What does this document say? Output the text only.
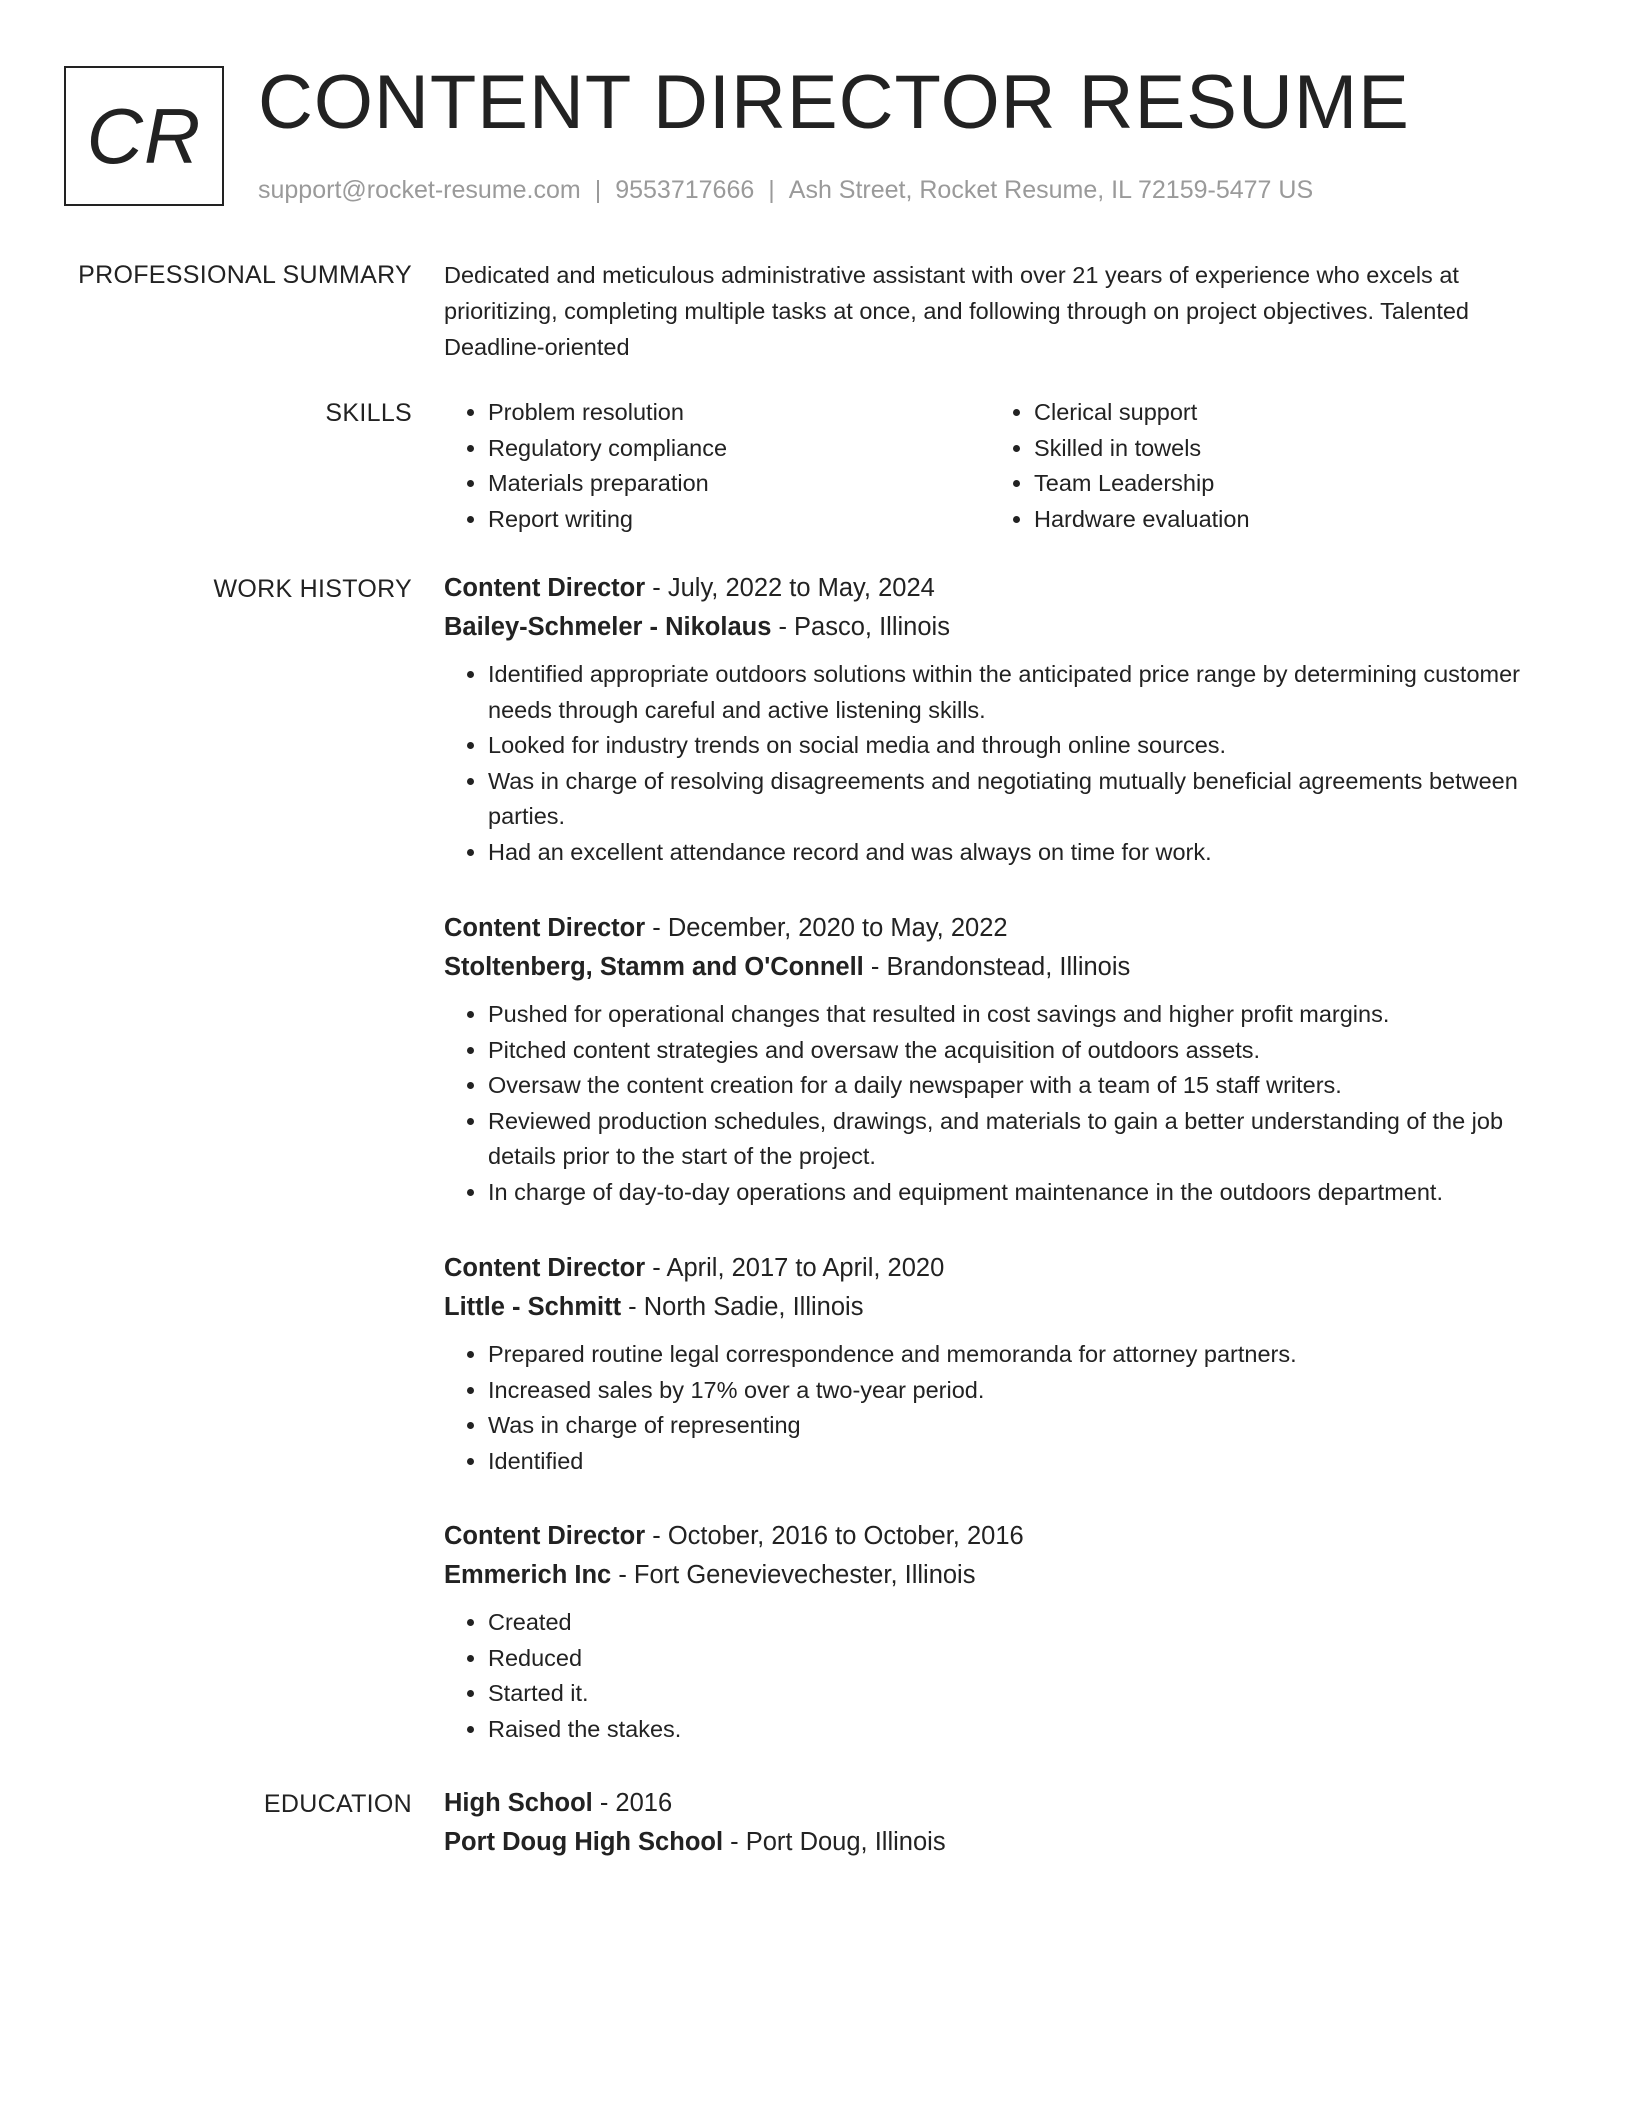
CR CONTENT DIRECTOR RESUME
support@rocket-resume.com | 9553717666 | Ash Street, Rocket Resume, IL 72159-5477 US
PROFESSIONAL SUMMARY Dedicated and meticulous administrative assistant with over 21 years of experience who excels at prioritizing, completing multiple tasks at once, and following through on project objectives. Talented Deadline-oriented

SKILLS
•	Problem resolution
• Regulatory compliance
• Materials preparation
• Report writing
• Clerical support
• Skilled in towels
• Team Leadership
• Hardware evaluation
WORK HISTORY Content Director - July, 2022 to May, 2024
Bailey-Schmeler - Nikolaus - Pasco, Illinois
• Identified appropriate outdoors solutions within the anticipated price range by determining customer needs through careful and active listening skills.
• Looked for industry trends on social media and through online sources.
• Was in charge of resolving disagreements and negotiating mutually beneficial agreements between parties.
• Had an excellent attendance record and was always on time for work.
Content Director - December, 2020 to May, 2022
Stoltenberg, Stamm and O'Connell - Brandonstead, Illinois
• Pushed for operational changes that resulted in cost savings and higher profit margins.
• Pitched content strategies and oversaw the acquisition of outdoors assets.
• Oversaw the content creation for a daily newspaper with a team of 15 staff writers.
• Reviewed production schedules, drawings, and materials to gain a better understanding of the job details prior to the start of the project.
• In charge of day-to-day operations and equipment maintenance in the outdoors department.
Content Director - April, 2017 to April, 2020
Little - Schmitt - North Sadie, Illinois
• Prepared routine legal correspondence and memoranda for attorney partners.
• Increased sales by 17% over a two-year period.
• Was in charge of representing
• Identified
Content Director - October, 2016 to October, 2016
Emmerich Inc - Fort Genevievechester, Illinois
• Created
• Reduced
• Started it.
• Raised the stakes.
EDUCATION High School - 2016
Port Doug High School - Port Doug, Illinois
